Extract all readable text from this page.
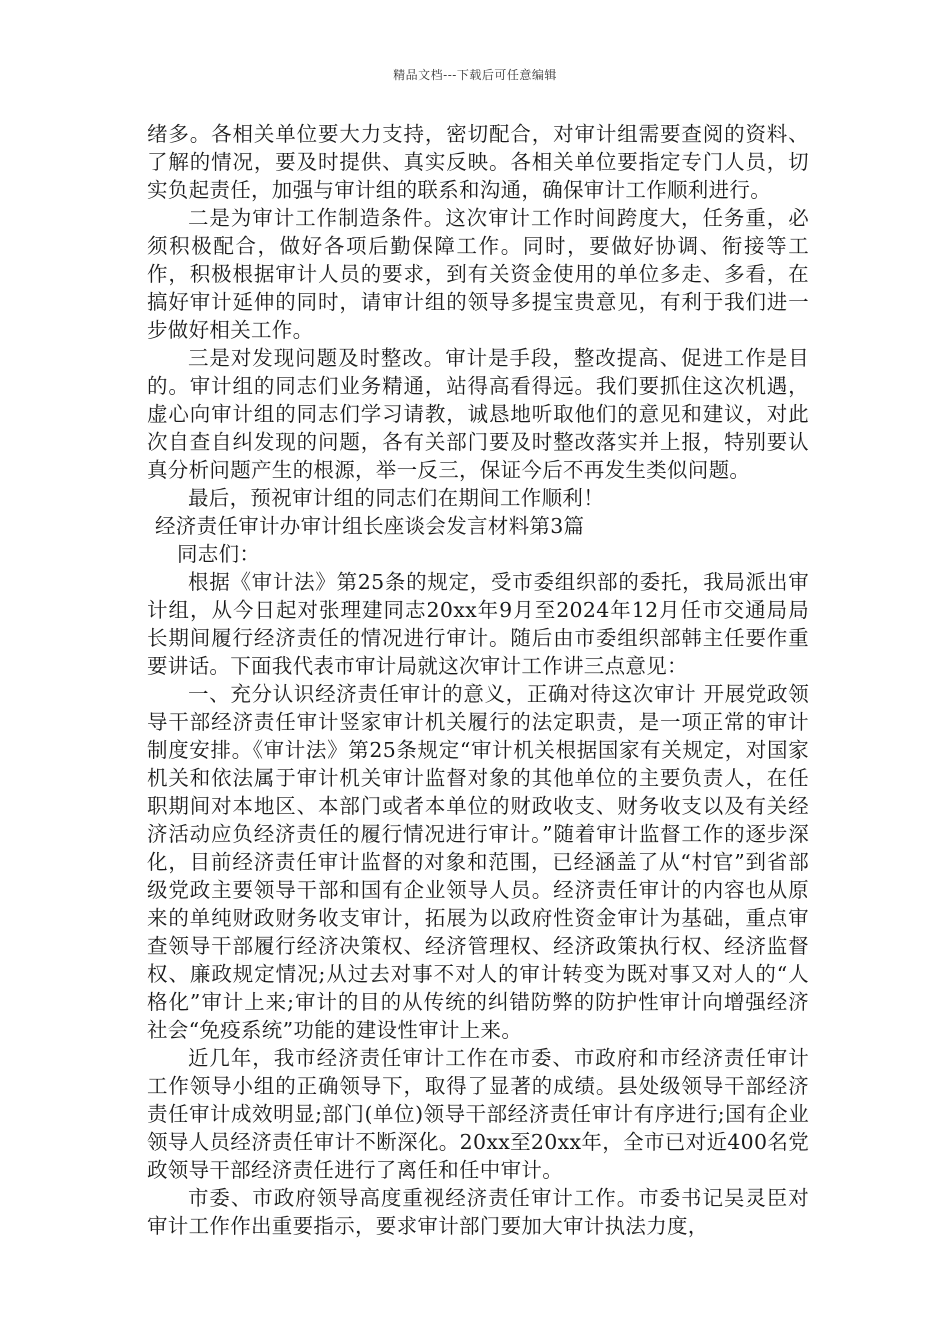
精品文档---下载后可任意编辑

绪多。各相关单位要大力支持，密切配合，对审计组需要查阅的资料、了解的情况，要及时提供、真实反映。各相关单位要指定专门人员，切实负起责任，加强与审计组的联系和沟通，确保审计工作顺利进行。

二是为审计工作制造条件。这次审计工作时间跨度大，任务重，必须积极配合，做好各项后勤保障工作。同时，要做好协调、衔接等工作，积极根据审计人员的要求，到有关资金使用的单位多走、多看，在搞好审计延伸的同时，请审计组的领导多提宝贵意见，有利于我们进一步做好相关工作。

三是对发现问题及时整改。审计是手段，整改提高、促进工作是目的。审计组的同志们业务精通，站得高看得远。我们要抓住这次机遇，虚心向审计组的同志们学习请教，诚恳地听取他们的意见和建议，对此次自查自纠发现的问题，各有关部门要及时整改落实并上报，特别要认真分析问题产生的根源，举一反三，保证今后不再发生类似问题。

最后，预祝审计组的同志们在期间工作顺利！

经济责任审计办审计组长座谈会发言材料第3篇

同志们：

根据《审计法》第25条的规定，受市委组织部的委托，我局派出审计组，从今日起对张理建同志20xx年9月至2024年12月任市交通局局长期间履行经济责任的情况进行审计。随后由市委组织部韩主任要作重要讲话。下面我代表市审计局就这次审计工作讲三点意见：

一、充分认识经济责任审计的意义，正确对待这次审计 开展党政领导干部经济责任审计竖家审计机关履行的法定职责，是一项正常的审计制度安排。《审计法》第25条规定“审计机关根据国家有关规定，对国家机关和依法属于审计机关审计监督对象的其他单位的主要负责人，在任职期间对本地区、本部门或者本单位的财政收支、财务收支以及有关经济活动应负经济责任的履行情况进行审计。”随着审计监督工作的逐步深化，目前经济责任审计监督的对象和范围，已经涵盖了从“村官”到省部级党政主要领导干部和国有企业领导人员。经济责任审计的内容也从原来的单纯财政财务收支审计，拓展为以政府性资金审计为基础，重点审查领导干部履行经济决策权、经济管理权、经济政策执行权、经济监督权、廉政规定情况;从过去对事不对人的审计转变为既对事又对人的“人 格化”审计上来;审计的目的从传统的纠错防弊的防护性审计向增强经济社会“免疫系统”功能的建设性审计上来。

近几年，我市经济责任审计工作在市委、市政府和市经济责任审计工作领导小组的正确领导下，取得了显著的成绩。县处级领导干部经济责任审计成效明显;部门(单位)领导干部经济责任审计有序进行;国有企业领导人员经济责任审计不断深化。20xx至20xx年，全市已对近400名党政领导干部经济责任进行了离任和任中审计。

市委、市政府领导高度重视经济责任审计工作。市委书记吴灵臣对审计工作作出重要指示，要求审计部门要加大审计执法力度，
